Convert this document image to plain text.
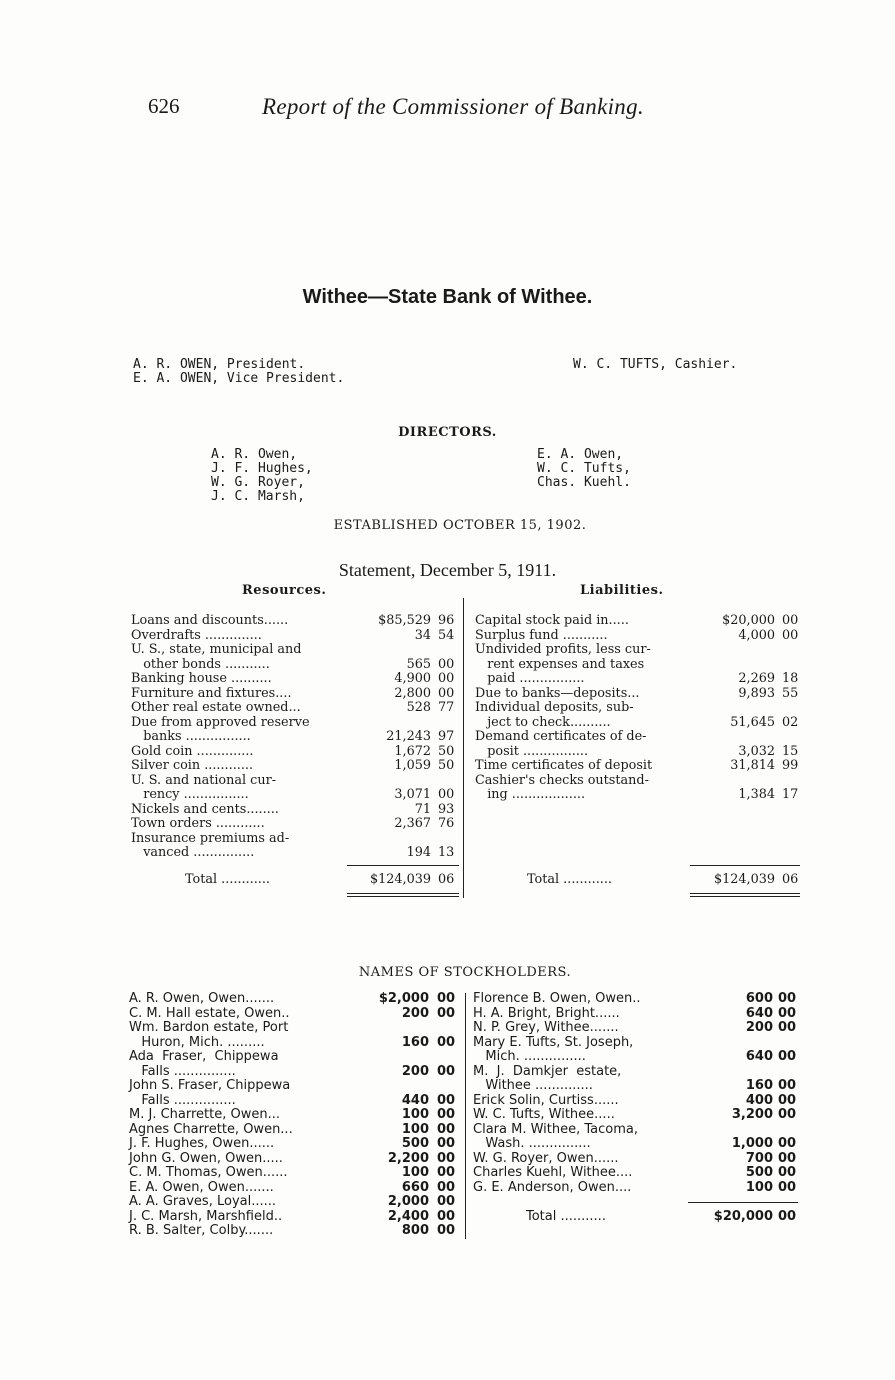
626	Report of the Commissioner of Banking.
Withee—State Bank of Withee.
A. R. OWEN, President.
E. A. OWEN, Vice President.
W. C. TUFTS, Cashier.
DIRECTORS.
A. R. Owen,
J. F. Hughes,
W. G. Royer,
J. C. Marsh,
E. A. Owen,
W. C. Tufts,
Chas. Kuehl.
ESTABLISHED OCTOBER 15, 1902.
Statement, December 5, 1911.
Resources.	Liabilities.
Loans and discounts......	$85,529 96
Overdrafts ..............	34 54
U. S., state, municipal and
other bonds ...........	565 00
Banking house ..........	4,900 00
Furniture and fixtures....	2,800 00
Other real estate owned...	528 77
Due from approved reserve
banks ................	21,243 97
Gold coin ..............	1,672 50
Silver coin ............	1,059 50
U. S. and national cur-
rency ................	3,071 00
Nickels and cents........	71 93
Town orders ............	2,367 76
Insurance premiums ad-
vanced ...............	194 13
Total ............	$124,039 06
Capital stock paid in.....	$20,000 00
Surplus fund ...........	4,000 00
Undivided profits, less cur-
rent expenses and taxes
paid ................	2,269 18
Due to banks—deposits...	9,893 55
Individual deposits, sub-
ject to check..........	51,645 02
Demand certificates of de-
posit ................	3,032 15
Time certificates of deposit	31,814 99
Cashier's checks outstand-
ing ..................	1,384 17
Total ............	$124,039 06
NAMES OF STOCKHOLDERS.
A. R. Owen, Owen.......	$2,000 00
C. M. Hall estate, Owen..	200 00
Wm. Bardon estate, Port
Huron, Mich. .........	160 00
Ada  Fraser,  Chippewa
Falls ...............	200 00
John S. Fraser, Chippewa
Falls ...............	440 00
M. J. Charrette, Owen...	100 00
Agnes Charrette, Owen...	100 00
J. F. Hughes, Owen......	500 00
John G. Owen, Owen.....	2,200 00
C. M. Thomas, Owen......	100 00
E. A. Owen, Owen.......	660 00
A. A. Graves, Loyal......	2,000 00
J. C. Marsh, Marshfield..	2,400 00
R. B. Salter, Colby.......	800 00
Florence B. Owen, Owen..	600 00
H. A. Bright, Bright......	640 00
N. P. Grey, Withee.......	200 00
Mary E. Tufts, St. Joseph,
Mich. ...............	640 00
M.  J.  Damkjer  estate,
Withee ..............	160 00
Erick Solin, Curtiss......	400 00
W. C. Tufts, Withee.....	3,200 00
Clara M. Withee, Tacoma,
Wash. ...............	1,000 00
W. G. Royer, Owen......	700 00
Charles Kuehl, Withee....	500 00
G. E. Anderson, Owen....	100 00
Total ...........	$20,000 00
